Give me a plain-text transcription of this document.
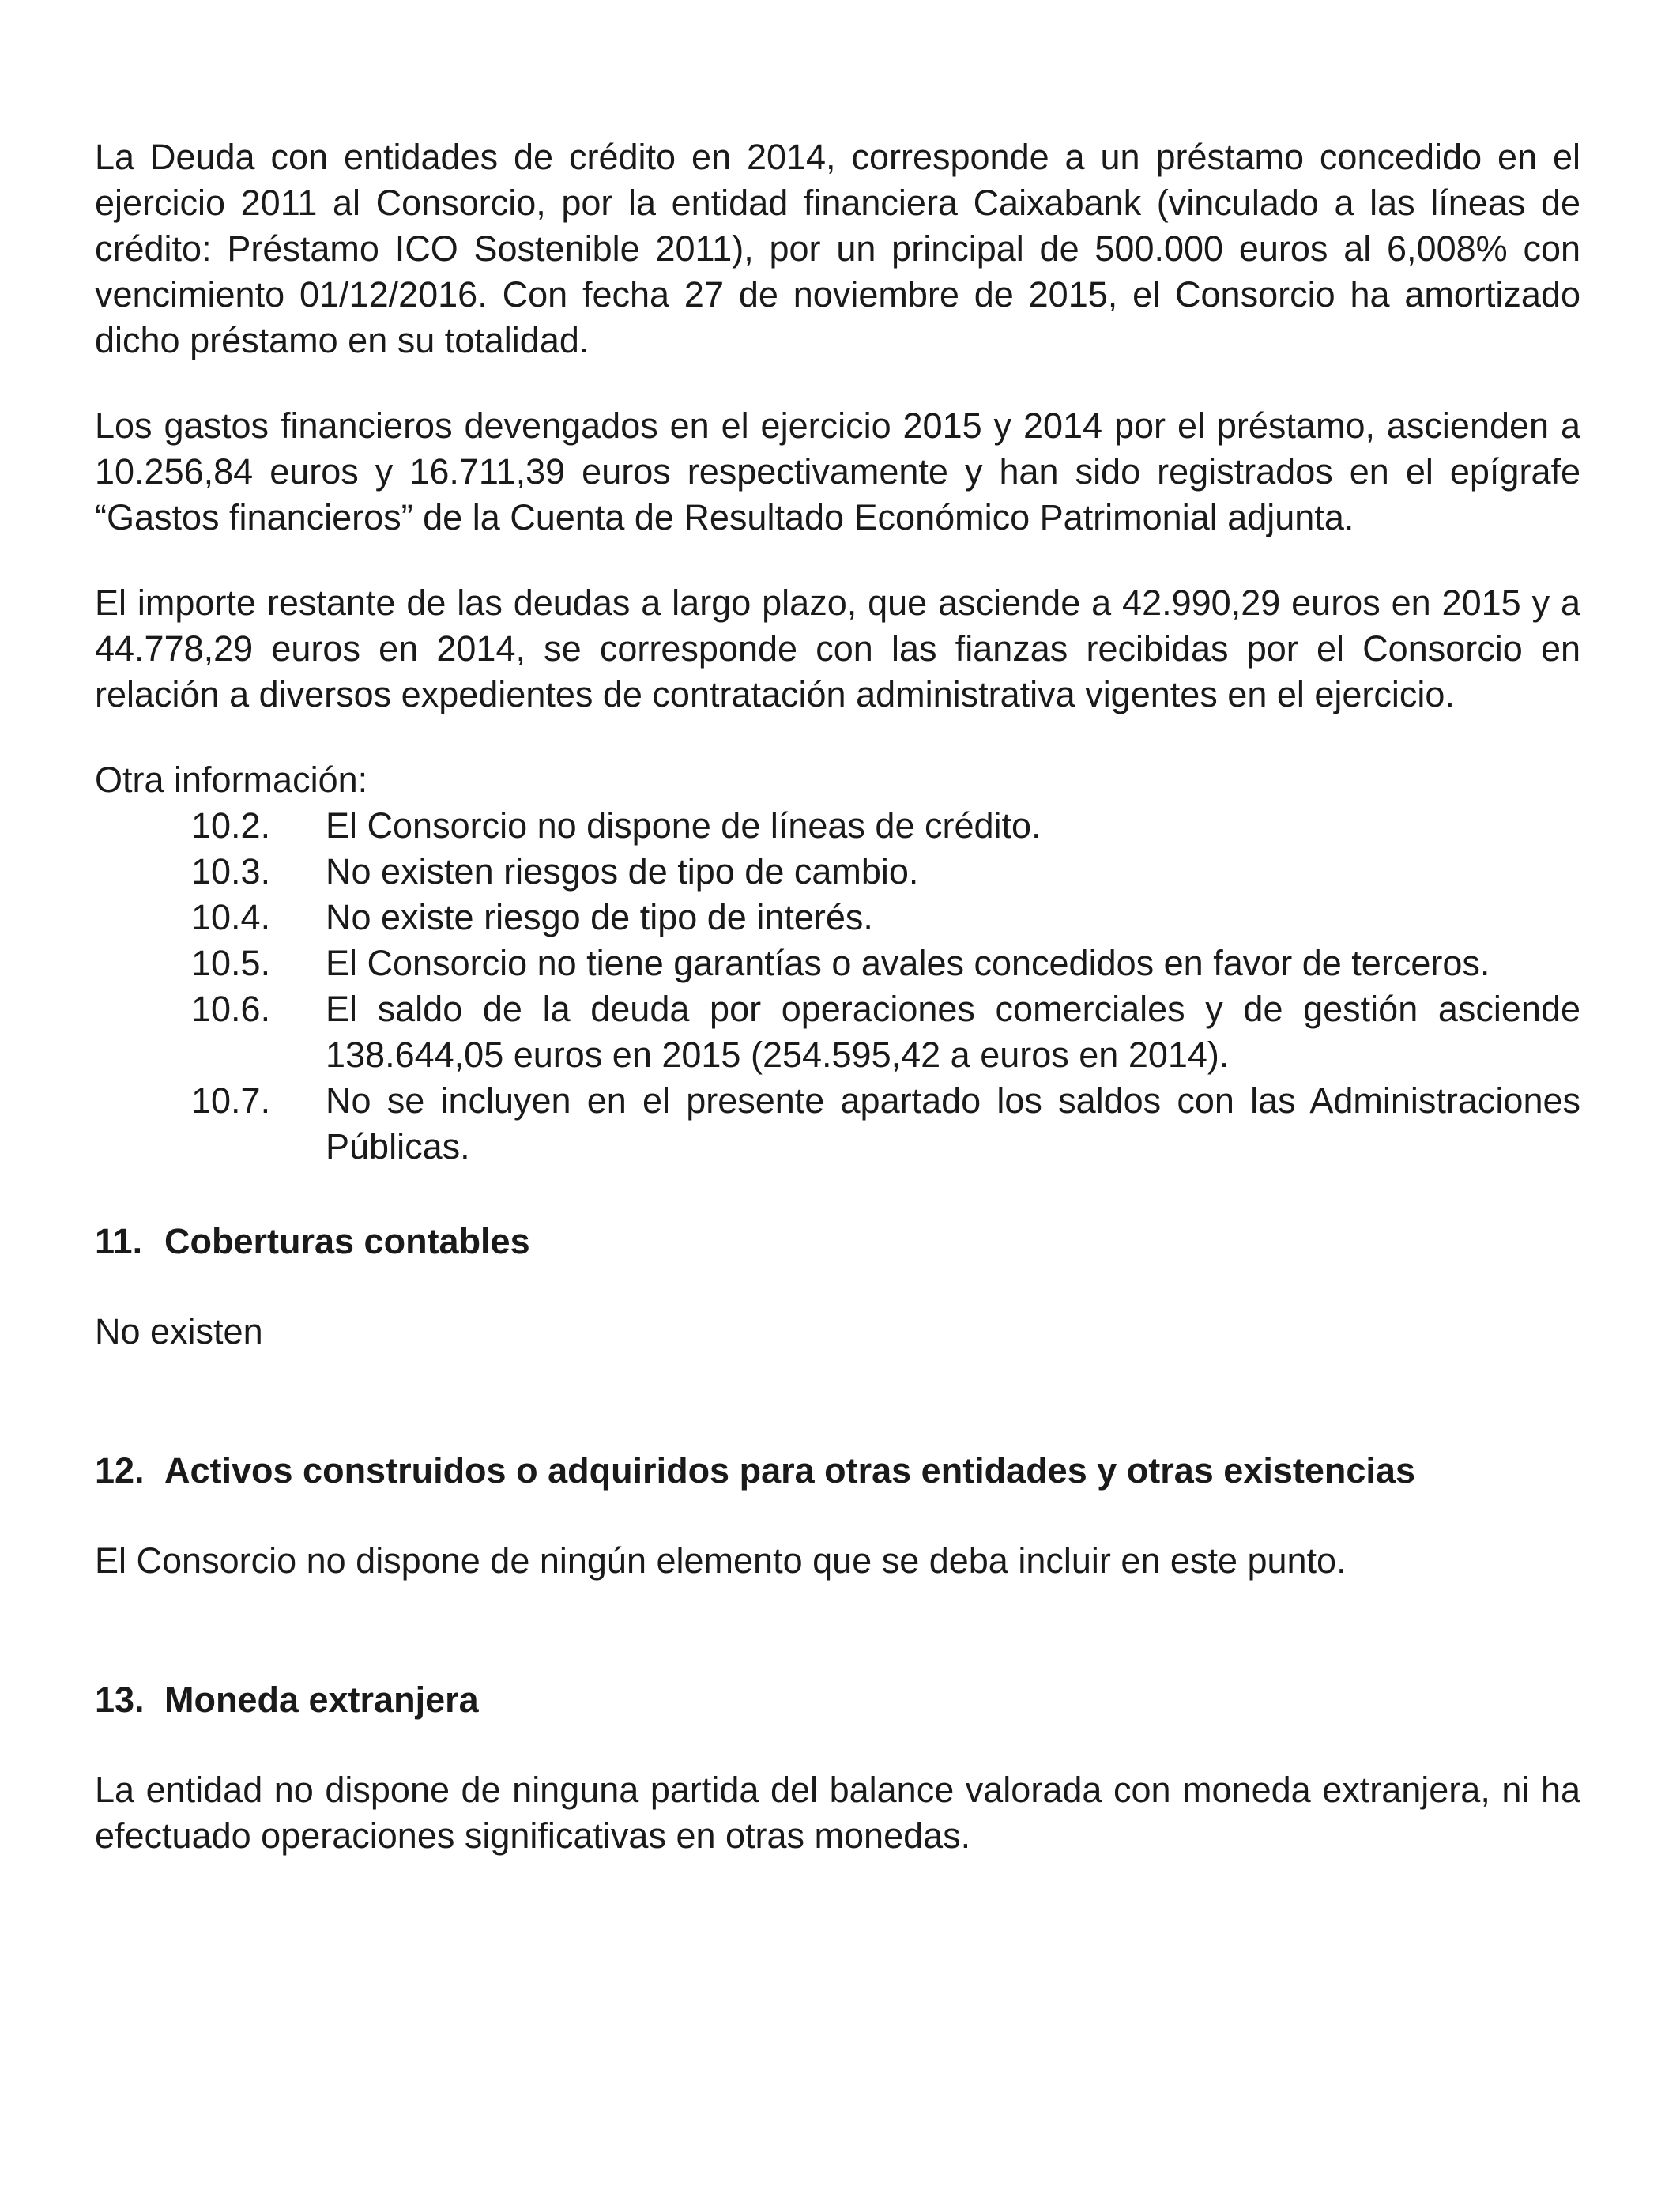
La Deuda con entidades de crédito en 2014, corresponde a un préstamo concedido en el ejercicio 2011 al Consorcio, por la entidad financiera Caixabank (vinculado a las líneas de crédito: Préstamo ICO Sostenible 2011), por un principal de 500.000 euros al 6,008% con vencimiento 01/12/2016. Con fecha 27 de noviembre de 2015, el Consorcio ha amortizado dicho préstamo en su totalidad.

Los gastos financieros devengados en el ejercicio 2015 y 2014 por el préstamo, ascienden a 10.256,84 euros y 16.711,39 euros respectivamente y han sido registrados en el epígrafe “Gastos financieros” de la Cuenta de Resultado Económico Patrimonial adjunta.

El importe restante de las deudas a largo plazo, que asciende a 42.990,29 euros en 2015 y a 44.778,29 euros en 2014, se corresponde con las fianzas recibidas por el Consorcio en relación a diversos expedientes de contratación administrativa vigentes en el ejercicio.

Otra información:

10.2.	El Consorcio no dispone de líneas de crédito.
10.3.	No existen riesgos de tipo de cambio.
10.4.	No existe riesgo de tipo de interés.
10.5.	El Consorcio no tiene garantías o avales concedidos en favor de terceros.
10.6.	El saldo de la deuda por operaciones comerciales y de gestión asciende 138.644,05 euros en 2015 (254.595,42 a euros en 2014).
10.7.	No se incluyen en el presente apartado los saldos con las Administraciones Públicas.
11. Coberturas contables

No existen

12. Activos construidos o adquiridos para otras entidades y otras existencias

El Consorcio no dispone de ningún elemento que se deba incluir en este punto.

13. Moneda extranjera

La entidad no dispone de ninguna partida del balance valorada con moneda extranjera, ni ha efectuado operaciones significativas en otras monedas.
